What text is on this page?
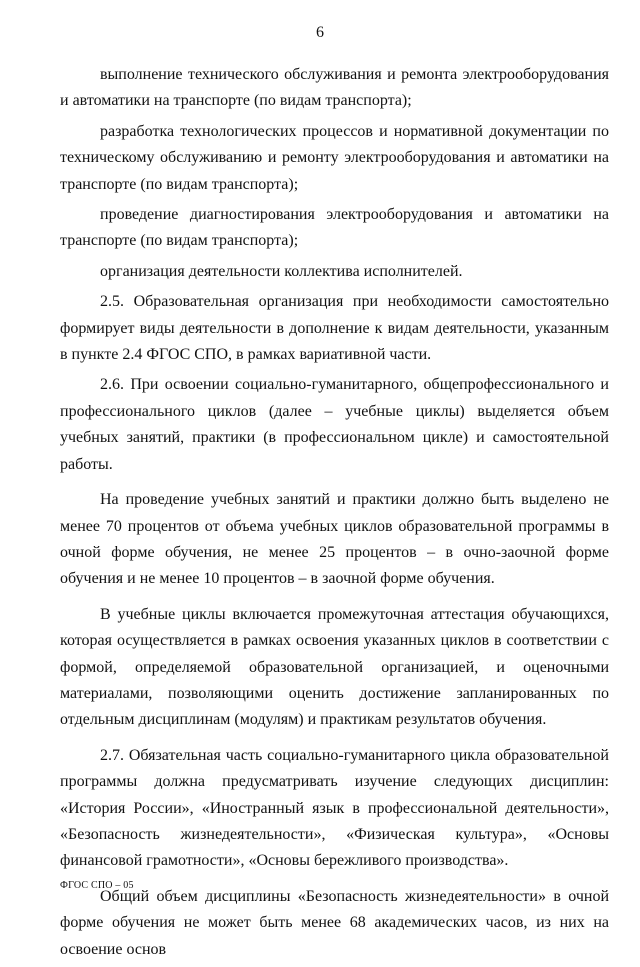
6

выполнение технического обслуживания и ремонта электрооборудования и автоматики на транспорте (по видам транспорта);

разработка технологических процессов и нормативной документации по техническому обслуживанию и ремонту электрооборудования и автоматики на транспорте (по видам транспорта);

проведение диагностирования электрооборудования и автоматики на транспорте (по видам транспорта);

организация деятельности коллектива исполнителей.

2.5. Образовательная организация при необходимости самостоятельно формирует виды деятельности в дополнение к видам деятельности, указанным в пункте 2.4 ФГОС СПО, в рамках вариативной части.

2.6. При освоении социально-гуманитарного, общепрофессионального и профессионального циклов (далее – учебные циклы) выделяется объем учебных занятий, практики (в профессиональном цикле) и самостоятельной работы.

На проведение учебных занятий и практики должно быть выделено не менее 70 процентов от объема учебных циклов образовательной программы в очной форме обучения, не менее 25 процентов – в очно-заочной форме обучения и не менее 10 процентов – в заочной форме обучения.

В учебные циклы включается промежуточная аттестация обучающихся, которая осуществляется в рамках освоения указанных циклов в соответствии с формой, определяемой образовательной организацией, и оценочными материалами, позволяющими оценить достижение запланированных по отдельным дисциплинам (модулям) и практикам результатов обучения.

2.7. Обязательная часть социально-гуманитарного цикла образовательной программы должна предусматривать изучение следующих дисциплин: «История России», «Иностранный язык в профессиональной деятельности», «Безопасность жизнедеятельности», «Физическая культура», «Основы финансовой грамотности», «Основы бережливого производства».

Общий объем дисциплины «Безопасность жизнедеятельности» в очной форме обучения не может быть менее 68 академических часов, из них на освоение основ

ФГОС СПО – 05
